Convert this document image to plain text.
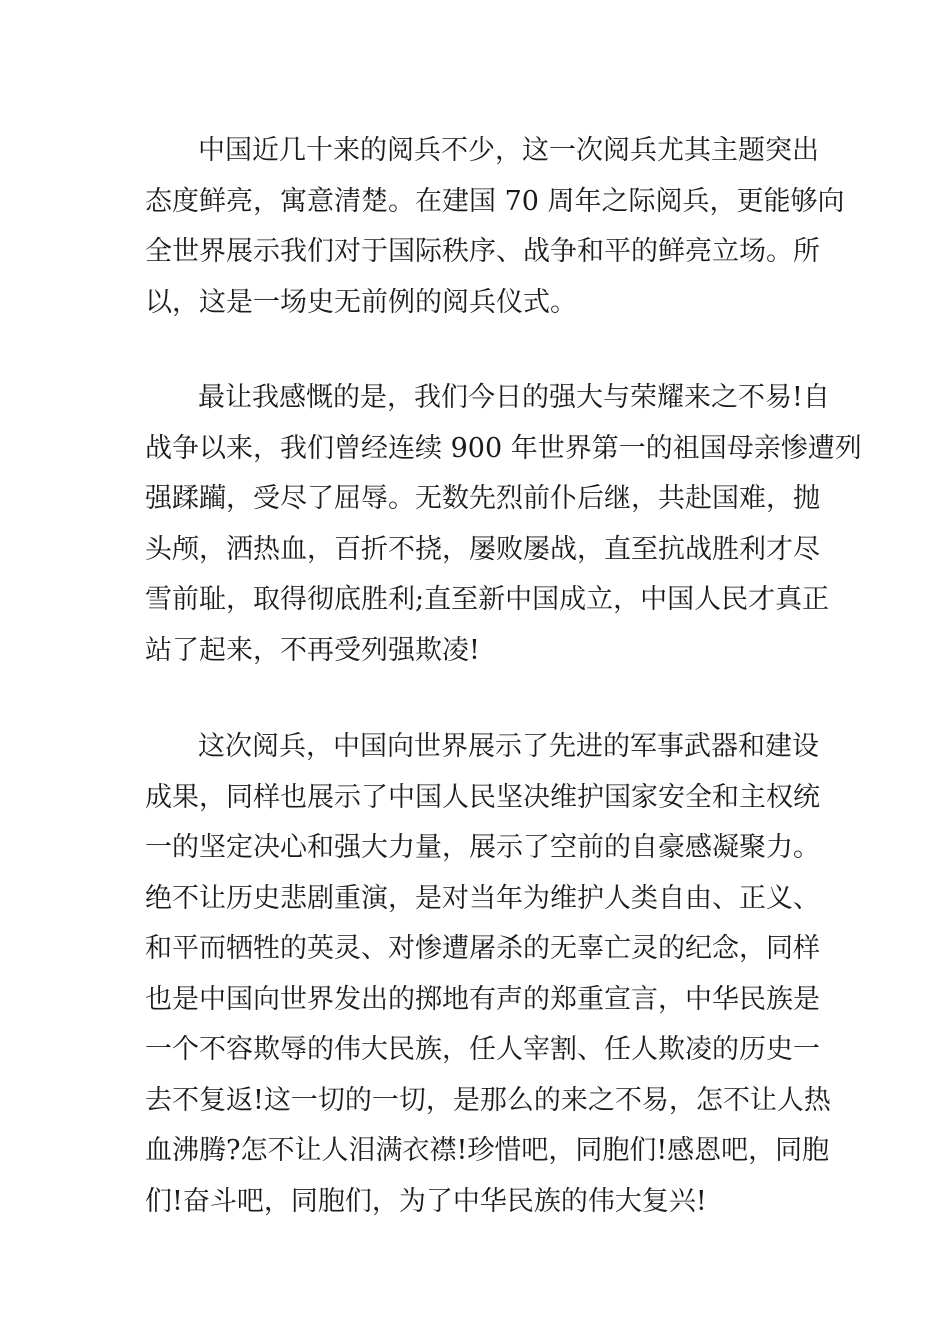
中国近几十来的阅兵不少，这一次阅兵尤其主题突出
态度鲜亮，寓意清楚。在建国 70 周年之际阅兵，更能够向
全世界展示我们对于国际秩序、战争和平的鲜亮立场。所
以，这是一场史无前例的阅兵仪式。
最让我感慨的是，我们今日的强大与荣耀来之不易!自
战争以来，我们曾经连续 900 年世界第一的祖国母亲惨遭列
强蹂躏，受尽了屈辱。无数先烈前仆后继，共赴国难，抛
头颅，洒热血，百折不挠，屡败屡战，直至抗战胜利才尽
雪前耻，取得彻底胜利;直至新中国成立，中国人民才真正
站了起来，不再受列强欺凌!
这次阅兵，中国向世界展示了先进的军事武器和建设
成果，同样也展示了中国人民坚决维护国家安全和主权统
一的坚定决心和强大力量，展示了空前的自豪感凝聚力。
绝不让历史悲剧重演，是对当年为维护人类自由、正义、
和平而牺牲的英灵、对惨遭屠杀的无辜亡灵的纪念，同样
也是中国向世界发出的掷地有声的郑重宣言，中华民族是
一个不容欺辱的伟大民族，任人宰割、任人欺凌的历史一
去不复返!这一切的一切，是那么的来之不易，怎不让人热
血沸腾?怎不让人泪满衣襟!珍惜吧，同胞们!感恩吧，同胞
们!奋斗吧，同胞们，为了中华民族的伟大复兴!
